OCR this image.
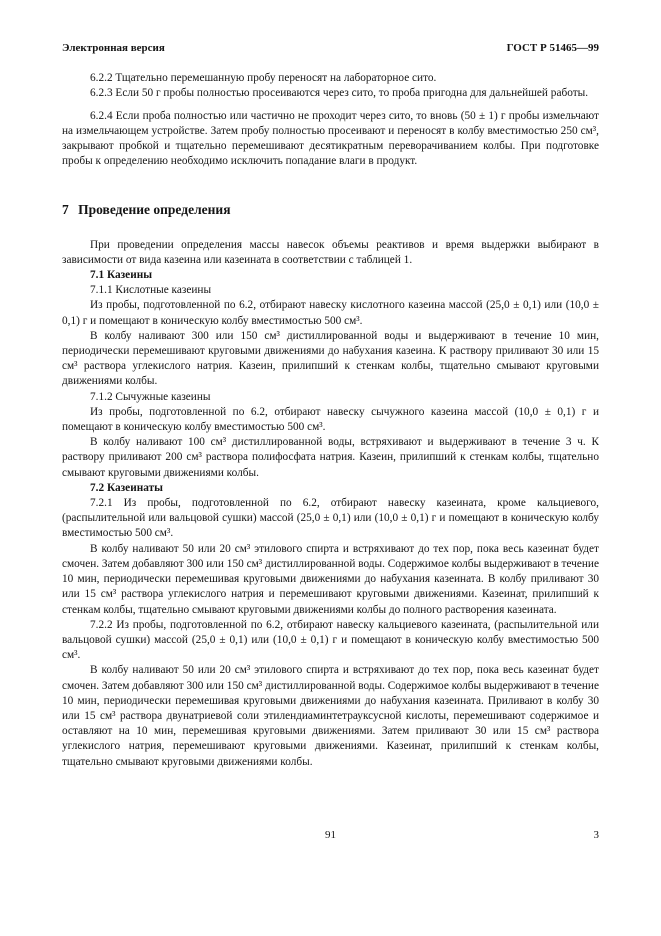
Электронная версия	ГОСТ Р 51465—99

6.2.2 Тщательно перемешанную пробу переносят на лабораторное сито.

6.2.3 Если 50 г пробы полностью просеиваются через сито, то проба пригодна для дальнейшей работы.

6.2.4 Если проба полностью или частично не проходит через сито, то вновь (50 ± 1) г пробы измельчают на измельчающем устройстве. Затем пробу полностью просеивают и переносят в колбу вместимостью 250 см³, закрывают пробкой и тщательно перемешивают десятикратным переворачиванием колбы. При подготовке пробы к определению необходимо исключить попадание влаги в продукт.

7 Проведение определения

При проведении определения массы навесок объемы реактивов и время выдержки выбирают в зависимости от вида казеина или казеината в соответствии с таблицей 1.

7.1 Казеины

7.1.1 Кислотные казеины

Из пробы, подготовленной по 6.2, отбирают навеску кислотного казеина массой (25,0 ± 0,1) или (10,0 ± 0,1) г и помещают в коническую колбу вместимостью 500 см³.

В колбу наливают 300 или 150 см³ дистиллированной воды и выдерживают в течение 10 мин, периодически перемешивают круговыми движениями до набухания казеина. К раствору приливают 30 или 15 см³ раствора углекислого натрия. Казеин, прилипший к стенкам колбы, тщательно смывают круговыми движениями колбы.

7.1.2 Сычужные казеины

Из пробы, подготовленной по 6.2, отбирают навеску сычужного казеина массой (10,0 ± 0,1) г и помещают в коническую колбу вместимостью 500 см³.

В колбу наливают 100 см³ дистиллированной воды, встряхивают и выдерживают в течение 3 ч. К раствору приливают 200 см³ раствора полифосфата натрия. Казеин, прилипший к стенкам колбы, тщательно смывают круговыми движениями колбы.

7.2 Казеинаты

7.2.1 Из пробы, подготовленной по 6.2, отбирают навеску казеината, кроме кальциевого, (распылительной или вальцовой сушки) массой (25,0 ± 0,1) или (10,0 ± 0,1) г и помещают в коническую колбу вместимостью 500 см³.

В колбу наливают 50 или 20 см³ этилового спирта и встряхивают до тех пор, пока весь казеинат будет смочен. Затем добавляют 300 или 150 см³ дистиллированной воды. Содержимое колбы выдерживают в течение 10 мин, периодически перемешивая круговыми движениями до набухания казеината. В колбу приливают 30 или 15 см³ раствора углекислого натрия и перемешивают круговыми движениями. Казеинат, прилипший к стенкам колбы, тщательно смывают круговыми движениями колбы до полного растворения казеината.

7.2.2 Из пробы, подготовленной по 6.2, отбирают навеску кальциевого казеината, (распылительной или вальцовой сушки) массой (25,0 ± 0,1) или (10,0 ± 0,1) г и помещают в коническую колбу вместимостью 500 см³.

В колбу наливают 50 или 20 см³ этилового спирта и встряхивают до тех пор, пока весь казеинат будет смочен. Затем добавляют 300 или 150 см³ дистиллированной воды. Содержимое колбы выдерживают в течение 10 мин, периодически перемешивая круговыми движениями до набухания казеината. Приливают в колбу 30 или 15 см³ раствора двунатриевой соли этилендиаминтетрауксусной кислоты, перемешивают содержимое и оставляют на 10 мин, перемешивая круговыми движениями. Затем приливают 30 или 15 см³ раствора углекислого натрия, перемешивают круговыми движениями. Казеинат, прилипший к стенкам колбы, тщательно смывают круговыми движениями колбы.

91	3
